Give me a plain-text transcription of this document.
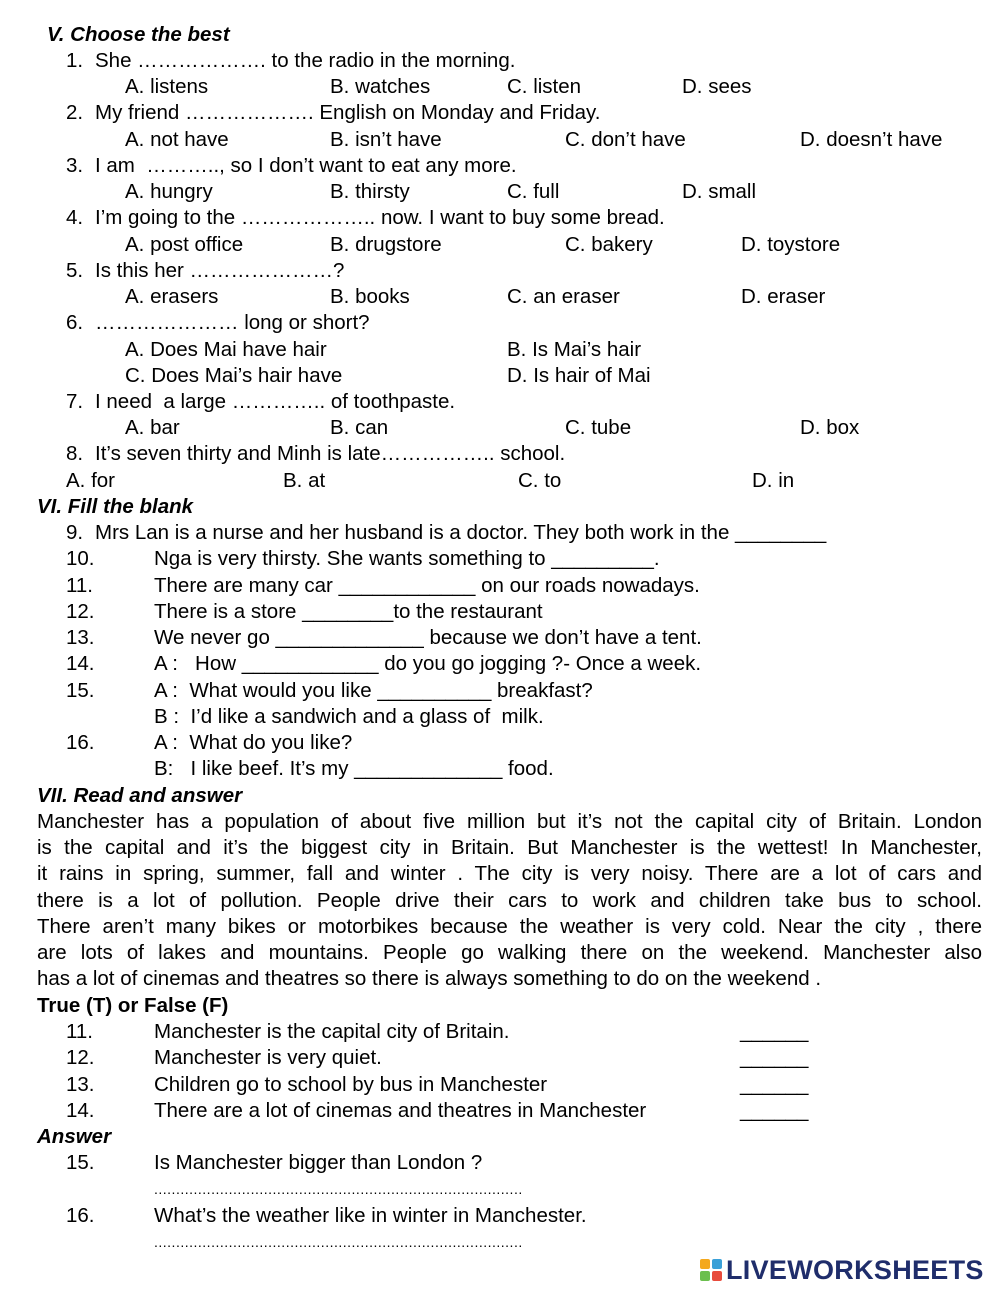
V. Choose the best
1. She ………………. to the radio in the morning.
A. listens	B. watches	C. listen	D. sees
2. My friend ………………. English on Monday and Friday.
A. not have	B. isn’t have	C. don’t have	D. doesn’t have
3. I am  ……….., so I don’t want to eat any more.
A. hungry	B. thirsty	C. full	D. small
4. I’m going to the ……………….. now. I want to buy some bread.
A. post office	B. drugstore	C. bakery	D. toystore
5. Is this her …………………?
A. erasers	B. books	C. an eraser	D. eraser
6. ………………… long or short?
A. Does Mai have hair	B. Is Mai’s hair
C. Does Mai’s hair have	D. Is hair of Mai
7. I need  a large ………….. of toothpaste.
A. bar	B. can	C. tube	D. box
8. It’s seven thirty and Minh is late…………….. school.
A. for	B. at	C. to	D. in
VI. Fill the blank
9. Mrs Lan is a nurse and her husband is a doctor. They both work in the ________
10.	Nga is very thirsty. She wants something to _________.
11.	There are many car ____________ on our roads nowadays.
12.	There is a store ________to the restaurant
13.	We never go _____________ because we don’t have a tent.
14.	A :   How ____________ do you go jogging ?- Once a week.
15.	A :  What would you like __________ breakfast?
B :  I’d like a sandwich and a glass of  milk.
16.	A :  What do you like?
B:   I like beef. It’s my _____________ food.
VII. Read and answer
Manchester has a population of about five million but it’s not the capital city of Britain. London
is the capital and it’s the biggest city in Britain. But Manchester is the wettest! In Manchester,
it rains in spring, summer, fall and winter . The city is very noisy. There are a lot of cars and
there is a lot of pollution. People drive their cars to work and children take bus to school.
There aren’t many bikes or motorbikes because the weather is very cold. Near the city , there
are lots of lakes and mountains. People go walking there on the weekend. Manchester also
has a lot of cinemas and theatres so there is always something to do on the weekend .
True (T) or False (F)
11.	Manchester is the capital city of Britain.	______
12.	Manchester is very quiet.	______
13.	Children go to school by bus in Manchester	______
14.	There are a lot of cinemas and theatres in Manchester	______
Answer
15.	Is Manchester bigger than London ?
....................................................................................
16.	What’s the weather like in winter in Manchester.
....................................................................................
LIVEWORKSHEETS
